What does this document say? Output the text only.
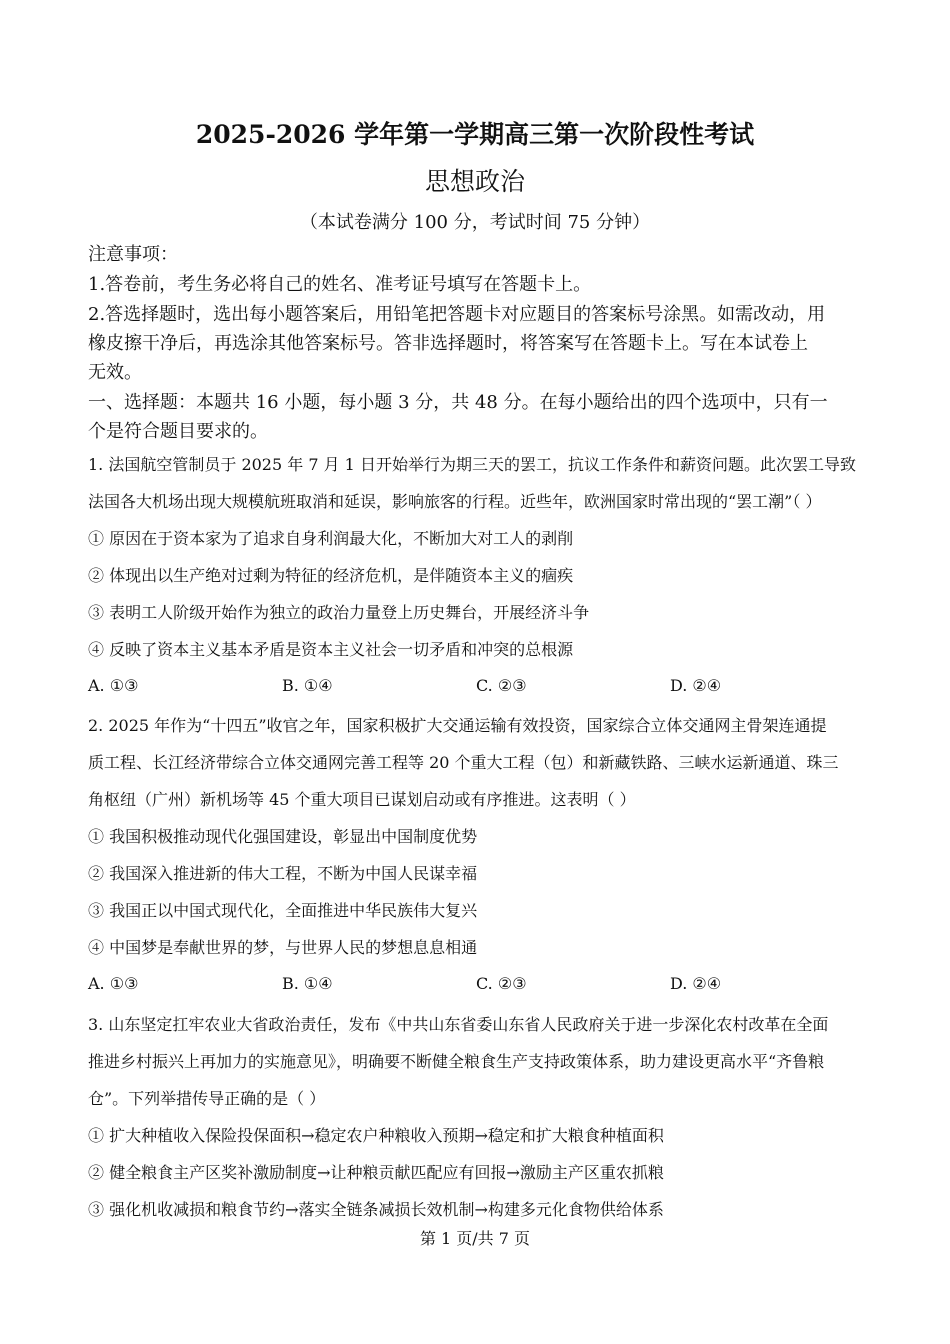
2025-2026 学年第一学期高三第一次阶段性考试
思想政治
（本试卷满分 100 分，考试时间 75 分钟）
注意事项：
1.答卷前，考生务必将自己的姓名、准考证号填写在答题卡上。
2.答选择题时，选出每小题答案后，用铅笔把答题卡对应题目的答案标号涂黑。如需改动，用
橡皮擦干净后，再选涂其他答案标号。答非选择题时，将答案写在答题卡上。写在本试卷上
无效。
一、选择题：本题共 16 小题，每小题 3 分，共 48 分。在每小题给出的四个选项中，只有一
个是符合题目要求的。
1. 法国航空管制员于 2025 年 7 月 1 日开始举行为期三天的罢工，抗议工作条件和薪资问题。此次罢工导致
法国各大机场出现大规模航班取消和延误，影响旅客的行程。近些年，欧洲国家时常出现的“罢工潮”（ ）
① 原因在于资本家为了追求自身利润最大化，不断加大对工人的剥削
② 体现出以生产绝对过剩为特征的经济危机，是伴随资本主义的痼疾
③ 表明工人阶级开始作为独立的政治力量登上历史舞台，开展经济斗争
④ 反映了资本主义基本矛盾是资本主义社会一切矛盾和冲突的总根源
A. ①③	B. ①④	C. ②③	D. ②④
2. 2025 年作为“十四五”收官之年，国家积极扩大交通运输有效投资，国家综合立体交通网主骨架连通提
质工程、长江经济带综合立体交通网完善工程等 20 个重大工程（包）和新藏铁路、三峡水运新通道、珠三
角枢纽（广州）新机场等 45 个重大项目已谋划启动或有序推进。这表明（ ）
① 我国积极推动现代化强国建设，彰显出中国制度优势
② 我国深入推进新的伟大工程，不断为中国人民谋幸福
③ 我国正以中国式现代化，全面推进中华民族伟大复兴
④ 中国梦是奉献世界的梦，与世界人民的梦想息息相通
A. ①③	B. ①④	C. ②③	D. ②④
3. 山东坚定扛牢农业大省政治责任，发布《中共山东省委山东省人民政府关于进一步深化农村改革在全面
推进乡村振兴上再加力的实施意见》，明确要不断健全粮食生产支持政策体系，助力建设更高水平“齐鲁粮
仓”。下列举措传导正确的是（ ）
① 扩大种植收入保险投保面积→稳定农户种粮收入预期→稳定和扩大粮食种植面积
② 健全粮食主产区奖补激励制度→让种粮贡献匹配应有回报→激励主产区重农抓粮
③ 强化机收减损和粮食节约→落实全链条减损长效机制→构建多元化食物供给体系
第 1 页/共 7 页
